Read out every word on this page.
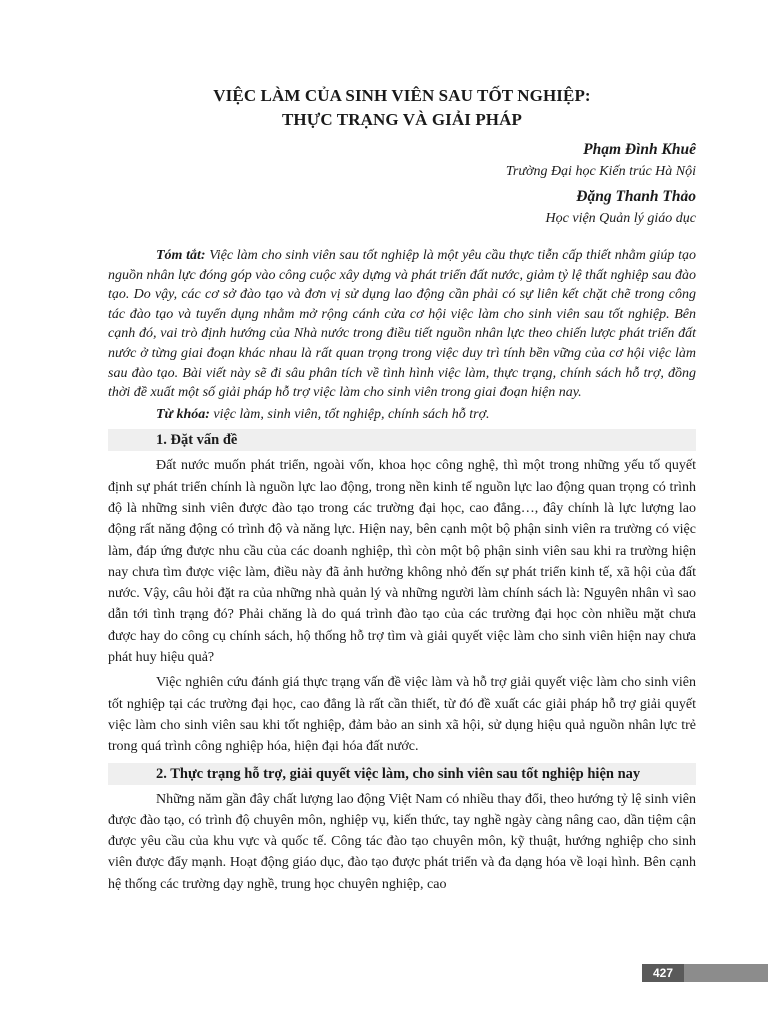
VIỆC LÀM CỦA SINH VIÊN SAU TỐT NGHIỆP:
THỰC TRẠNG VÀ GIẢI PHÁP
Phạm Đình Khuê
Trường Đại học Kiến trúc Hà Nội
Đặng Thanh Thảo
Học viện Quản lý giáo dục

Tóm tắt: Việc làm cho sinh viên sau tốt nghiệp là một yêu cầu thực tiễn cấp thiết nhằm giúp tạo nguồn nhân lực đóng góp vào công cuộc xây dựng và phát triển đất nước, giảm tỷ lệ thất nghiệp sau đào tạo. Do vậy, các cơ sở đào tạo và đơn vị sử dụng lao động cần phải có sự liên kết chặt chẽ trong công tác đào tạo và tuyển dụng nhằm mở rộng cánh cửa cơ hội việc làm cho sinh viên sau tốt nghiệp. Bên cạnh đó, vai trò định hướng của Nhà nước trong điều tiết nguồn nhân lực theo chiến lược phát triển đất nước ở từng giai đoạn khác nhau là rất quan trọng trong việc duy trì tính bền vững của cơ hội việc làm sau đào tạo. Bài viết này sẽ đi sâu phân tích về tình hình việc làm, thực trạng, chính sách hỗ trợ, đồng thời đề xuất một số giải pháp hỗ trợ việc làm cho sinh viên trong giai đoạn hiện nay.

Từ khóa: việc làm, sinh viên, tốt nghiệp, chính sách hỗ trợ.

1. Đặt vấn đề

Đất nước muốn phát triển, ngoài vốn, khoa học công nghệ, thì một trong những yếu tố quyết định sự phát triển chính là nguồn lực lao động, trong nền kinh tế nguồn lực lao động quan trọng có trình độ là những sinh viên được đào tạo trong các trường đại học, cao đẳng…, đây chính là lực lượng lao động rất năng động có trình độ và năng lực. Hiện nay, bên cạnh một bộ phận sinh viên ra trường có việc làm, đáp ứng được nhu cầu của các doanh nghiệp, thì còn một bộ phận sinh viên sau khi ra trường hiện nay chưa tìm được việc làm, điều này đã ảnh hưởng không nhỏ đến sự phát triển kinh tế, xã hội của đất nước. Vậy, câu hỏi đặt ra của những nhà quản lý và những người làm chính sách là: Nguyên nhân vì sao dẫn tới tình trạng đó? Phải chăng là do quá trình đào tạo của các trường đại học còn nhiều mặt chưa được hay do công cụ chính sách, hộ thống hỗ trợ tìm và giải quyết việc làm cho sinh viên hiện nay chưa phát huy hiệu quả?

Việc nghiên cứu đánh giá thực trạng vấn đề việc làm và hỗ trợ giải quyết việc làm cho sinh viên tốt nghiệp tại các trường đại học, cao đẳng là rất cần thiết, từ đó đề xuất các giải pháp hỗ trợ giải quyết việc làm cho sinh viên sau khi tốt nghiệp, đảm bảo an sinh xã hội, sử dụng hiệu quả nguồn nhân lực trẻ trong quá trình công nghiệp hóa, hiện đại hóa đất nước.

2. Thực trạng hỗ trợ, giải quyết việc làm, cho sinh viên sau tốt nghiệp hiện nay

Những năm gần đây chất lượng lao động Việt Nam có nhiều thay đổi, theo hướng tỷ lệ sinh viên được đào tạo, có trình độ chuyên môn, nghiệp vụ, kiến thức, tay nghề ngày càng nâng cao, dần tiệm cận được yêu cầu của khu vực và quốc tế. Công tác đào tạo chuyên môn, kỹ thuật, hướng nghiệp cho sinh viên được đẩy mạnh. Hoạt động giáo dục, đào tạo được phát triển và đa dạng hóa về loại hình. Bên cạnh hệ thống các trường dạy nghề, trung học chuyên nghiệp, cao

427
